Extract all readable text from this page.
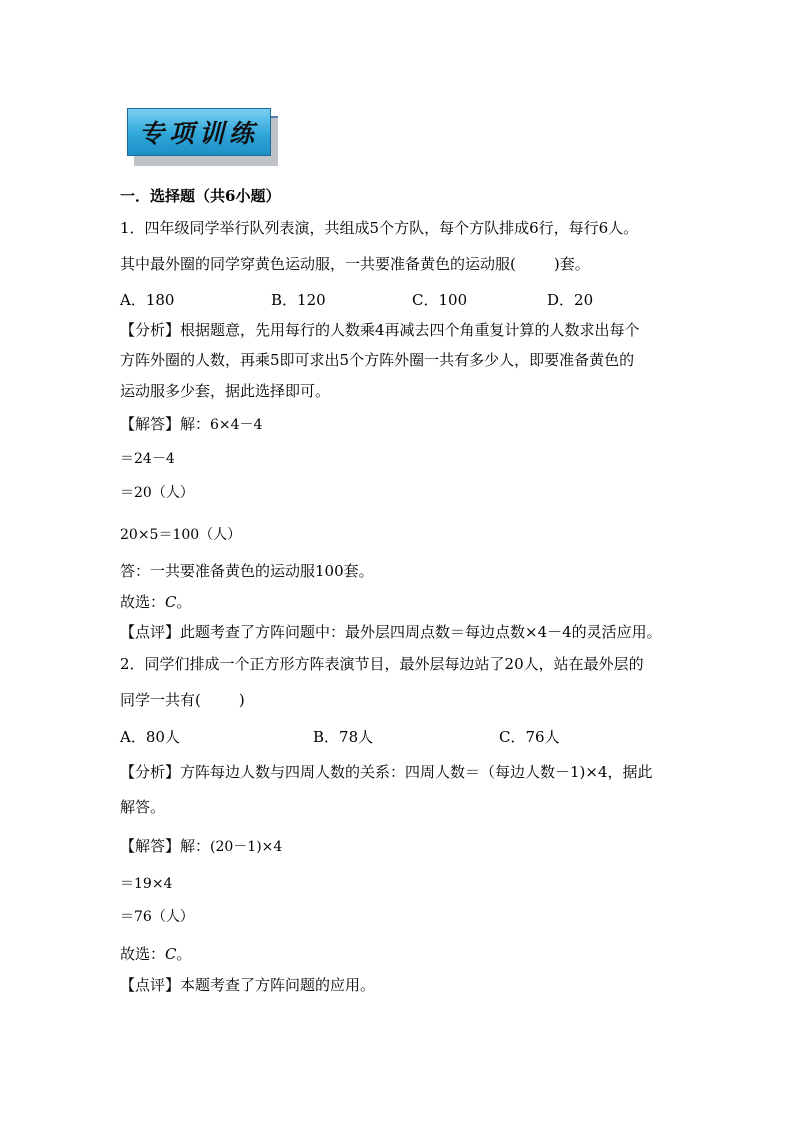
专项训练
一．选择题（共6小题）
1．四年级同学举行队列表演，共组成5个方队，每个方队排成6行，每行6人。
其中最外圈的同学穿黄色运动服，一共要准备黄色的运动服(	)套。
A．180	B．120	C．100	D．20
【分析】根据题意，先用每行的人数乘4再减去四个角重复计算的人数求出每个
方阵外圈的人数，再乘5即可求出5个方阵外圈一共有多少人，即要准备黄色的
运动服多少套，据此选择即可。
【解答】解：6×4－4
＝24－4
＝20（人）
20×5＝100（人）
答：一共要准备黄色的运动服100套。
故选：C。
【点评】此题考查了方阵问题中：最外层四周点数＝每边点数×4－4的灵活应用。
2．同学们排成一个正方形方阵表演节目，最外层每边站了20人，站在最外层的
同学一共有(	)
A．80人	B．78人	C．76人
【分析】方阵每边人数与四周人数的关系：四周人数＝（每边人数－1)×4，据此
解答。
【解答】解：(20－1)×4
＝19×4
＝76（人）
故选：C。
【点评】本题考查了方阵问题的应用。
